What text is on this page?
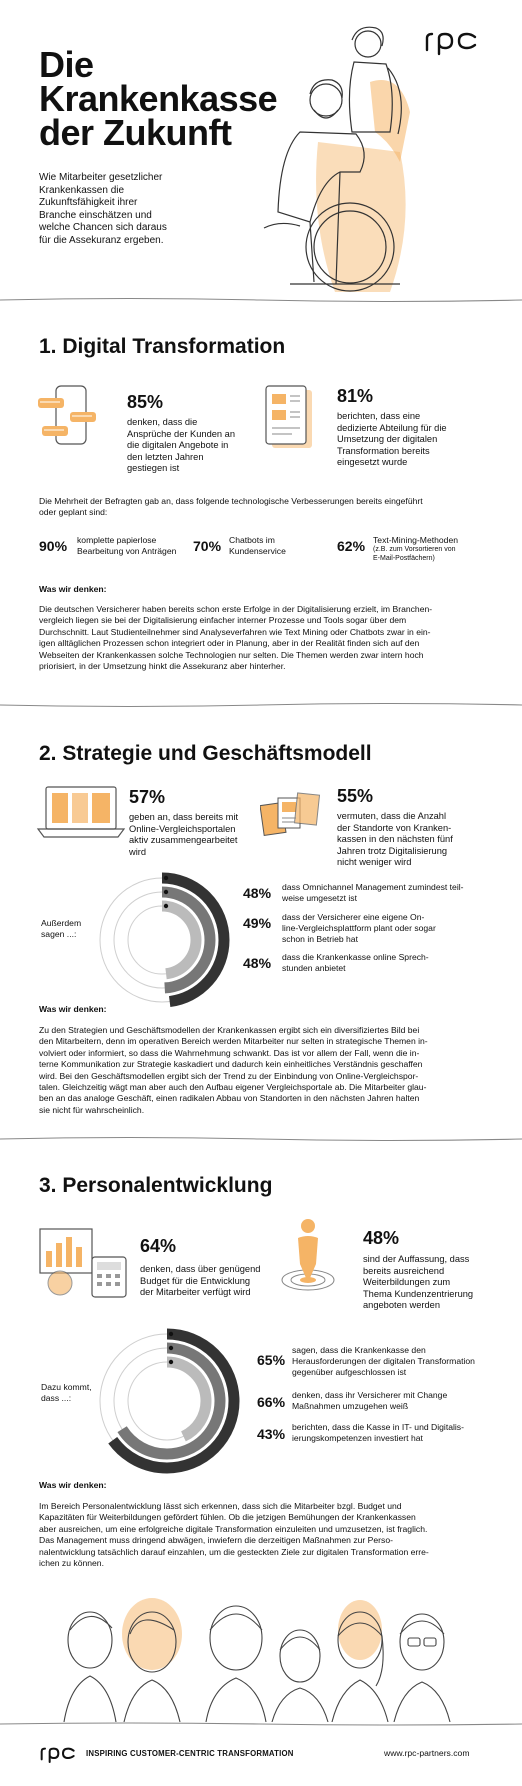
Die
Krankenkasse
der Zukunft
Wie Mitarbeiter gesetzlicher
Krankenkassen die
Zukunftsfähigkeit ihrer
Branche einschätzen und
welche Chancen sich daraus
für die Assekuranz ergeben.
1. Digital Transformation
85%
denken, dass die
Ansprüche der Kunden an
die digitalen Angebote in
den letzten Jahren
gestiegen ist
81%
berichten, dass eine
dedizierte Abteilung für die
Umsetzung der digitalen
Transformation bereits
eingesetzt wurde
Die Mehrheit der Befragten gab an, dass folgende technologische Verbesserungen bereits eingeführt
oder geplant sind:
90% komplette papierlose
Bearbeitung von Anträgen	70% Chatbots im
Kundenservice	62% Text-Mining-Methoden
(z.B. zum Vorsortieren von
E-Mail-Postfächern)
Was wir denken:
Die deutschen Versicherer haben bereits schon erste Erfolge in der Digitalisierung erzielt, im Branchen-
vergleich liegen sie bei der Digitalisierung einfacher interner Prozesse und Tools sogar über dem
Durchschnitt. Laut Studienteilnehmer sind Analyseverfahren wie Text Mining oder Chatbots zwar in ein-
igen alltäglichen Prozessen schon integriert oder in Planung, aber in der Realität finden sich auf den
Webseiten der Krankenkassen solche Technologien nur selten. Die Themen werden zwar intern hoch
priorisiert, in der Umsetzung hinkt die Assekuranz aber hinterher.
2. Strategie und Geschäftsmodell
57%
geben an, dass bereits mit
Online-Vergleichsportalen
aktiv zusammengearbeitet
wird
55%
vermuten, dass die Anzahl
der Standorte von Kranken-
kassen in den nächsten fünf
Jahren trotz Digitalisierung
nicht weniger wird
Außerdem
sagen ...:
48% dass Omnichannel Management zumindest teil-
weise umgesetzt ist
49% dass der Versicherer eine eigene On-
line-Vergleichsplattform plant oder sogar
schon in Betrieb hat
48% dass die Krankenkasse online Sprech-
stunden anbietet
Was wir denken:
Zu den Strategien und Geschäftsmodellen der Krankenkassen ergibt sich ein diversifiziertes Bild bei
den Mitarbeitern, denn im operativen Bereich werden Mitarbeiter nur selten in strategische Themen in-
volviert oder informiert, so dass die Wahrnehmung schwankt. Das ist vor allem der Fall, wenn die in-
terne Kommunikation zur Strategie kaskadiert und dadurch kein einheitliches Verständnis geschaffen
wird. Bei den Geschäftsmodellen ergibt sich der Trend zu der Einbindung von Online-Vergleichspor-
talen. Gleichzeitig wägt man aber auch den Aufbau eigener Vergleichsportale ab. Die Mitarbeiter glau-
ben an das analoge Geschäft, einen radikalen Abbau von Standorten in den nächsten Jahren halten
sie nicht für wahrscheinlich.
3. Personalentwicklung
64%
denken, dass über genügend
Budget für die Entwicklung
der Mitarbeiter verfügt wird
48%
sind der Auffassung, dass
bereits ausreichend
Weiterbildungen zum
Thema Kundenzentrierung
angeboten werden
Dazu kommt,
dass ...:
65%
sagen, dass die Krankenkasse den
Herausforderungen der digitalen Transformation
gegenüber aufgeschlossen ist
66% denken, dass ihr Versicherer mit Change
Maßnahmen umzugehen weiß
43% berichten, dass die Kasse in IT- und Digitalis-
ierungskompetenzen investiert hat
Was wir denken:
Im Bereich Personalentwicklung lässt sich erkennen, dass sich die Mitarbeiter bzgl. Budget und
Kapazitäten für Weiterbildungen gefördert fühlen. Ob die jetzigen Bemühungen der Krankenkassen
aber ausreichen, um eine erfolgreiche digitale Transformation einzuleiten und umzusetzen, ist fraglich.
Das Management muss dringend abwägen, inwiefern die derzeitigen Maßnahmen zur Perso-
nalentwicklung tatsächlich darauf einzahlen, um die gesteckten Ziele zur digitalen Transformation erre-
ichen zu können.
INSPIRING CUSTOMER-CENTRIC TRANSFORMATION	www.rpc-partners.com
